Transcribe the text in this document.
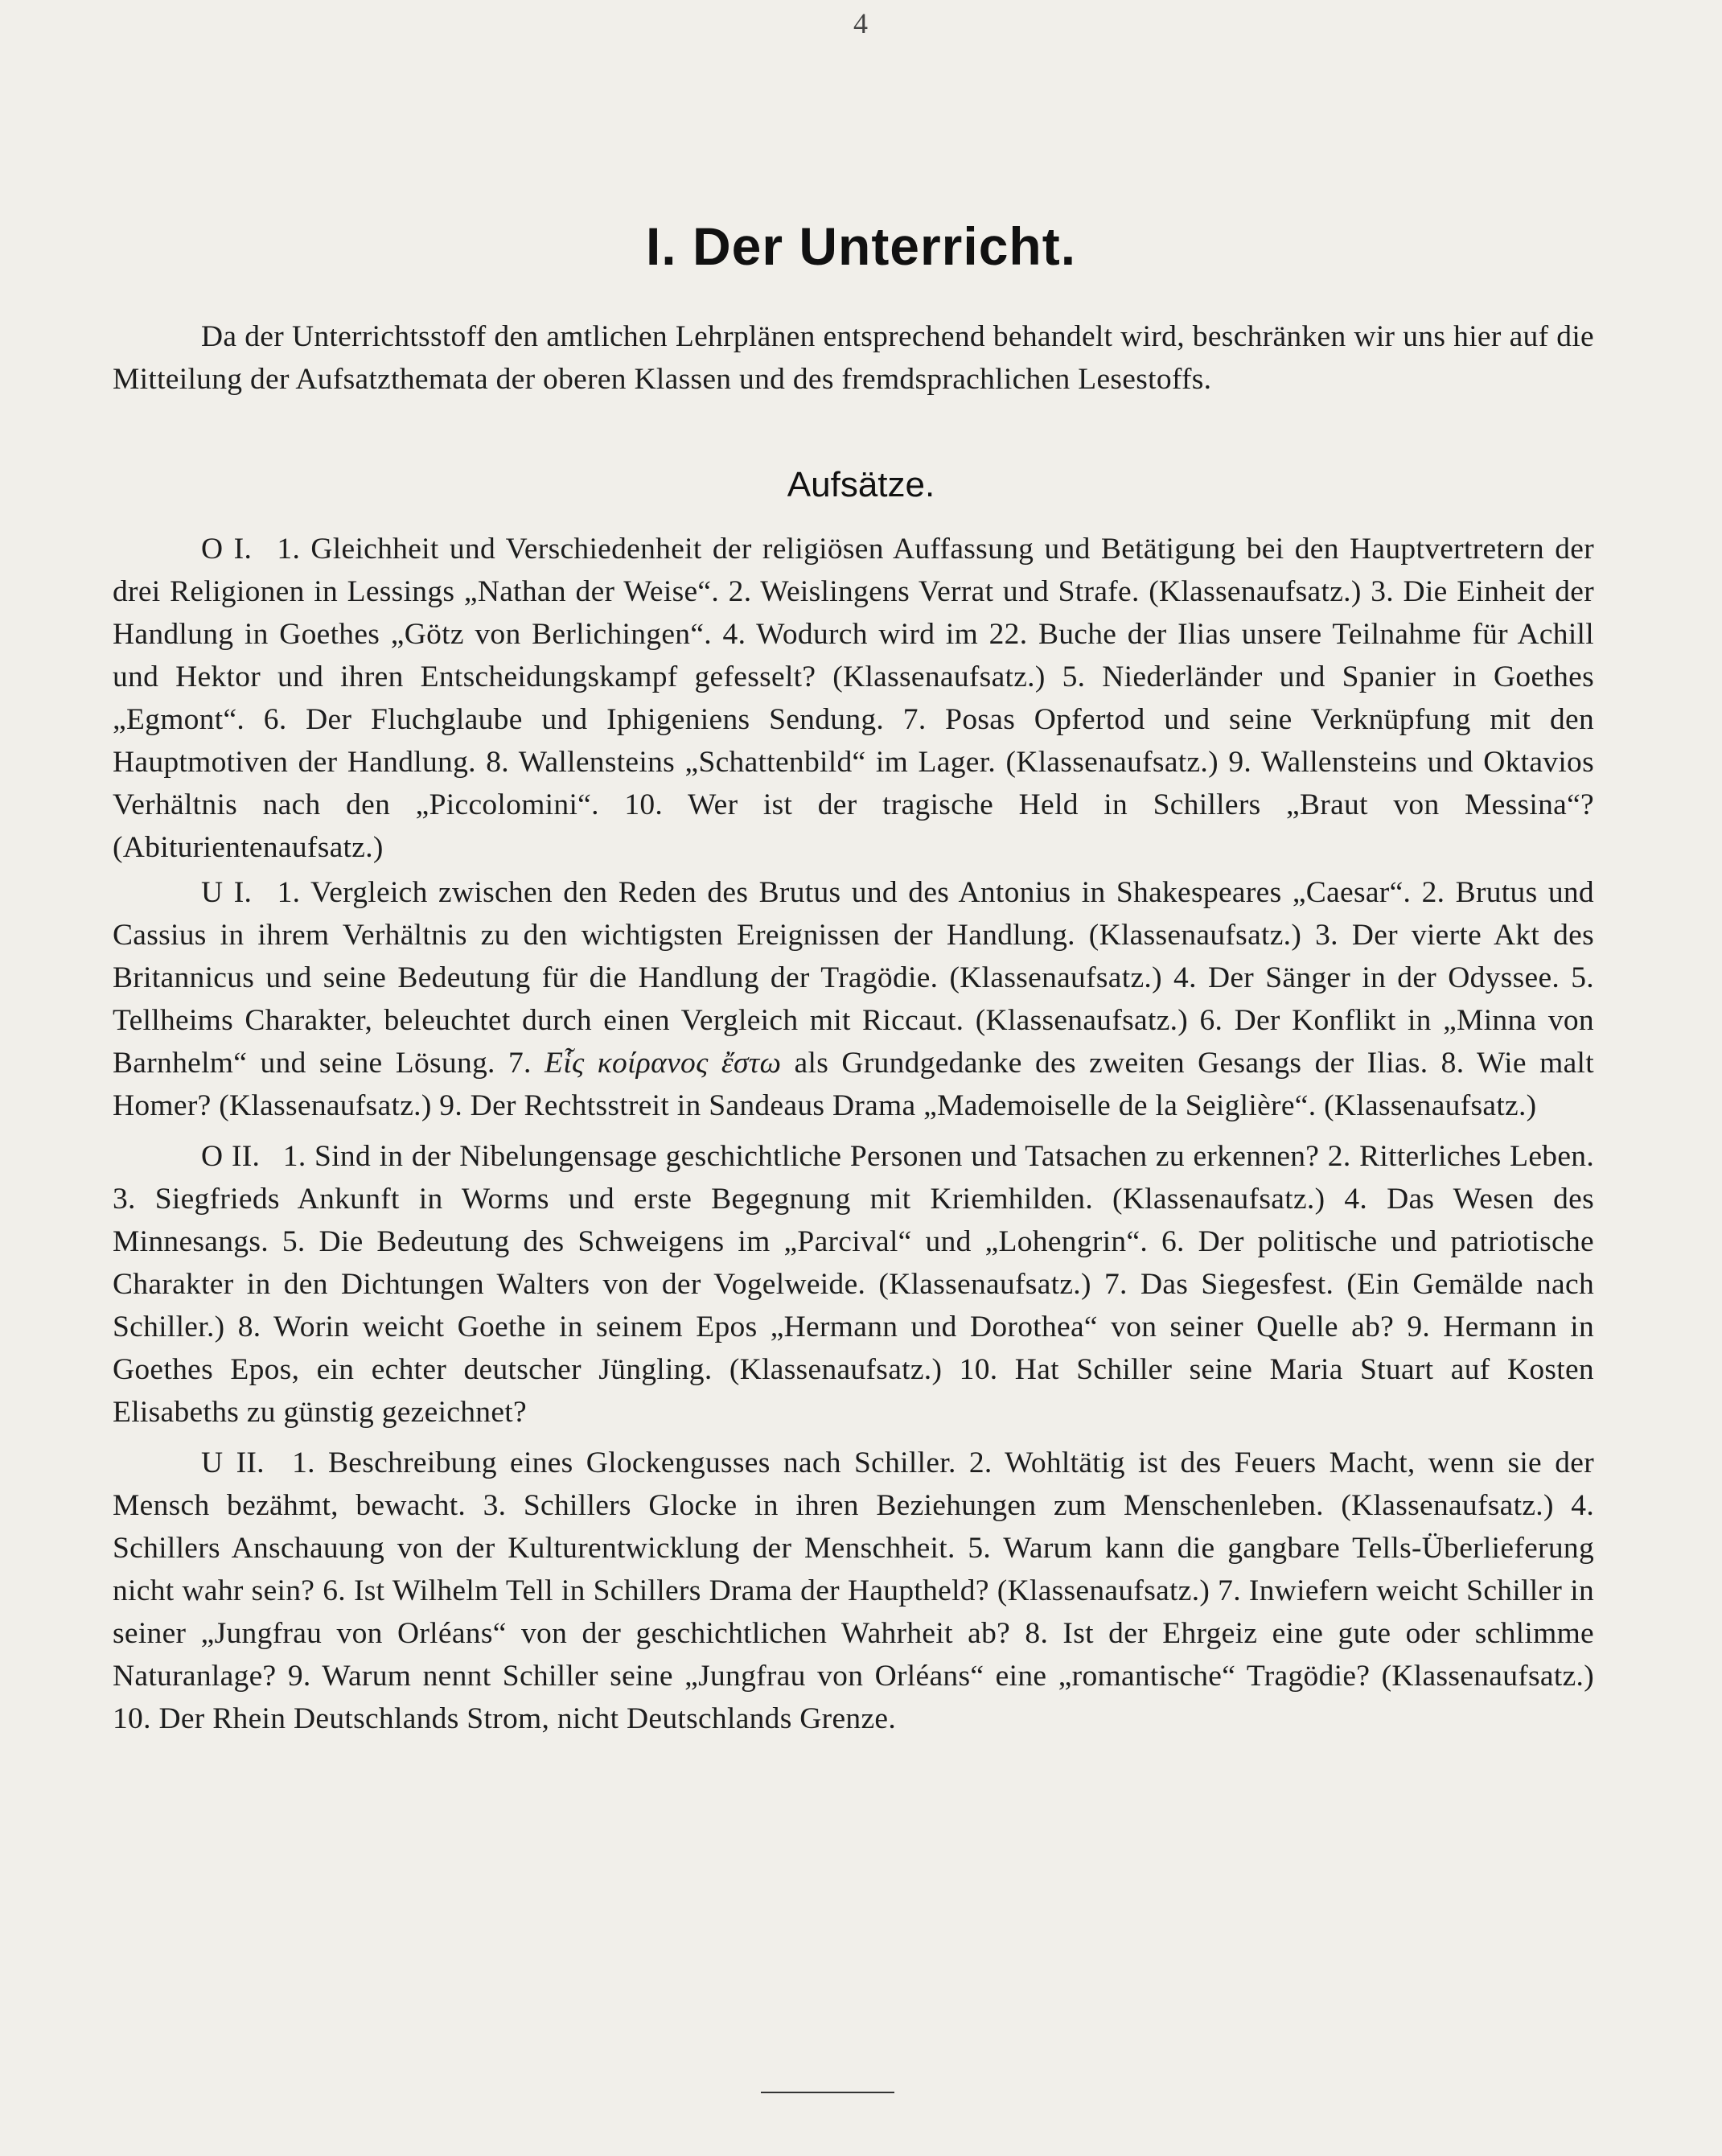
4
I. Der Unterricht.

Da der Unterrichtsstoff den amtlichen Lehrplänen entsprechend behandelt wird, beschränken wir uns hier auf die Mitteilung der Aufsatzthemata der oberen Klassen und des fremdsprachlichen Lesestoffs.

Aufsätze.

O I. 1. Gleichheit und Verschiedenheit der religiösen Auffassung und Betätigung bei den Hauptvertretern der drei Religionen in Lessings „Nathan der Weise“. 2. Weislingens Verrat und Strafe. (Klassenaufsatz.) 3. Die Einheit der Handlung in Goethes „Götz von Berlichingen“. 4. Wodurch wird im 22. Buche der Ilias unsere Teilnahme für Achill und Hektor und ihren Entscheidungskampf gefesselt? (Klassenaufsatz.) 5. Niederländer und Spanier in Goethes „Egmont“. 6. Der Fluchglaube und Iphigeniens Sendung. 7. Posas Opfertod und seine Verknüpfung mit den Hauptmotiven der Handlung. 8. Wallensteins „Schattenbild“ im Lager. (Klassenaufsatz.) 9. Wallensteins und Oktavios Verhältnis nach den „Piccolomini“. 10. Wer ist der tragische Held in Schillers „Braut von Messina“? (Abiturientenaufsatz.)

U I. 1. Vergleich zwischen den Reden des Brutus und des Antonius in Shakespeares „Caesar“. 2. Brutus und Cassius in ihrem Verhältnis zu den wichtigsten Ereignissen der Handlung. (Klassenaufsatz.) 3. Der vierte Akt des Britannicus und seine Bedeutung für die Handlung der Tragödie. (Klassenaufsatz.) 4. Der Sänger in der Odyssee. 5. Tellheims Charakter, beleuchtet durch einen Vergleich mit Riccaut. (Klassenaufsatz.) 6. Der Konflikt in „Minna von Barnhelm“ und seine Lösung. 7. Εἷς κοίρανος ἔστω als Grundgedanke des zweiten Gesangs der Ilias. 8. Wie malt Homer? (Klassenaufsatz.) 9. Der Rechtsstreit in Sandeaus Drama „Mademoiselle de la Seiglière“. (Klassenaufsatz.)

O II. 1. Sind in der Nibelungensage geschichtliche Personen und Tatsachen zu erkennen? 2. Ritterliches Leben. 3. Siegfrieds Ankunft in Worms und erste Begegnung mit Kriemhilden. (Klassenaufsatz.) 4. Das Wesen des Minnesangs. 5. Die Bedeutung des Schweigens im „Parcival“ und „Lohengrin“. 6. Der politische und patriotische Charakter in den Dichtungen Walters von der Vogelweide. (Klassenaufsatz.) 7. Das Siegesfest. (Ein Gemälde nach Schiller.) 8. Worin weicht Goethe in seinem Epos „Hermann und Dorothea“ von seiner Quelle ab? 9. Hermann in Goethes Epos, ein echter deutscher Jüngling. (Klassenaufsatz.) 10. Hat Schiller seine Maria Stuart auf Kosten Elisabeths zu günstig gezeichnet?

U II. 1. Beschreibung eines Glockengusses nach Schiller. 2. Wohltätig ist des Feuers Macht, wenn sie der Mensch bezähmt, bewacht. 3. Schillers Glocke in ihren Beziehungen zum Menschenleben. (Klassenaufsatz.) 4. Schillers Anschauung von der Kulturentwicklung der Menschheit. 5. Warum kann die gangbare Tells-Überlieferung nicht wahr sein? 6. Ist Wilhelm Tell in Schillers Drama der Hauptheld? (Klassenaufsatz.) 7. Inwiefern weicht Schiller in seiner „Jungfrau von Orléans“ von der geschichtlichen Wahrheit ab? 8. Ist der Ehrgeiz eine gute oder schlimme Naturanlage? 9. Warum nennt Schiller seine „Jungfrau von Orléans“ eine „romantische“ Tragödie? (Klassenaufsatz.) 10. Der Rhein Deutschlands Strom, nicht Deutschlands Grenze.
